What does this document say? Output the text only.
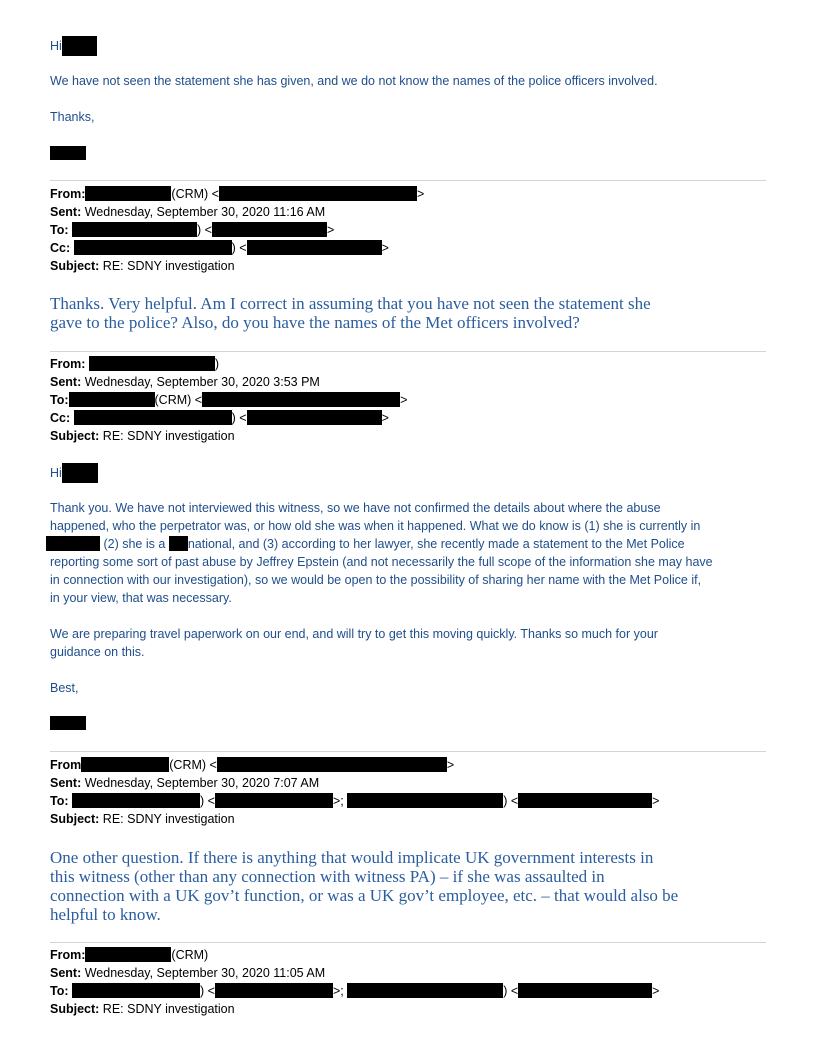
Hi
We have not seen the statement she has given, and we do not know the names of the police officers involved.
Thanks,
From:	(CRM) <	>
Sent: Wednesday, September 30, 2020 11:16 AM
To:	) <	>
Cc:	) <	>
Subject: RE: SDNY investigation
Thanks. Very helpful. Am I correct in assuming that you have not seen the statement she
gave to the police? Also, do you have the names of the Met officers involved?
From:	)
Sent: Wednesday, September 30, 2020 3:53 PM
To:	(CRM) <	>
Cc:	) <	>
Subject: RE: SDNY investigation
Hi
Thank you. We have not interviewed this witness, so we have not confirmed the details about where the abuse
happened, who the perpetrator was, or how old she was when it happened. What we do know is (1) she is currently in
(2) she is a national, and (3) according to her lawyer, she recently made a statement to the Met Police
reporting some sort of past abuse by Jeffrey Epstein (and not necessarily the full scope of the information she may have
in connection with our investigation), so we would be open to the possibility of sharing her name with the Met Police if,
in your view, that was necessary.
We are preparing travel paperwork on our end, and will try to get this moving quickly. Thanks so much for your
guidance on this.
Best,
From	(CRM) <	>
Sent: Wednesday, September 30, 2020 7:07 AM
To:	) <	>;	) <	>
Subject: RE: SDNY investigation
One other question. If there is anything that would implicate UK government interests in
this witness (other than any connection with witness PA) – if she was assaulted in
connection with a UK gov’t function, or was a UK gov’t employee, etc. – that would also be
helpful to know.
From:	(CRM)
Sent: Wednesday, September 30, 2020 11:05 AM
To:	) <	>;	) <	>
Subject: RE: SDNY investigation
